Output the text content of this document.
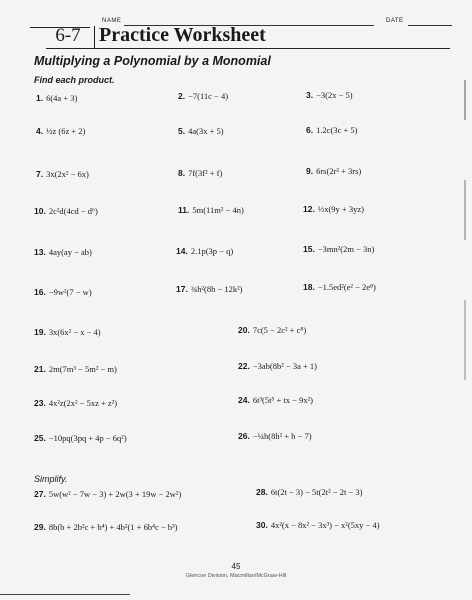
NAME	DATE
6-7 Practice Worksheet
Multiplying a Polynomial by a Monomial
Find each product.
1. 6(4a + 3)	2. −7(11c − 4)	3. −3(2x − 5)
4. ½z (6z + 2)	5. 4a(3x + 5)	6. 1.2c(3c + 5)
7. 3x(2x² − 6x)	8. 7f(3f² + f)	9. 6rs(2r² + 3rs)
10. 2c²d(4cd − d⁶)	11. 5m(11m² − 4n)	12. ⅓x(9y + 3yz)
13. 4ay(ay − ab)	14. 2.1p(3p − q)	15. −3mn²(2m − 3n)
16. −9w²(7 − w)	17. ¾h²(8h − 12k²)	18. −1.5ed²(e² − 2e⁸)
19. 3x(6x² − x − 4)	20. 7c(5 − 2c² + c⁸)
21. 2m(7m³ − 5m² − m)	22. −3ab(8b² − 3a + 1)
23. 4x²z(2x² − 5xz + z²)	24. 6t³(5t⁵ + tx − 9x²)
25. −10pq(3pq + 4p − 6q²)	26. −¼h(8h² + h − 7)
Simplify.
27. 5w(w² − 7w − 3) + 2w(3 + 19w − 2w²)	28. 6t(2t − 3) − 5t(2t² − 2t − 3)
29. 8b(b + 2b²c + b⁴) + 4b²(1 + 6b⁴c − b³)	30. 4x²(x − 8x² − 3x³) − x²(5xy − 4)
45
Glencoe Division, Macmillan/McGraw-Hill
